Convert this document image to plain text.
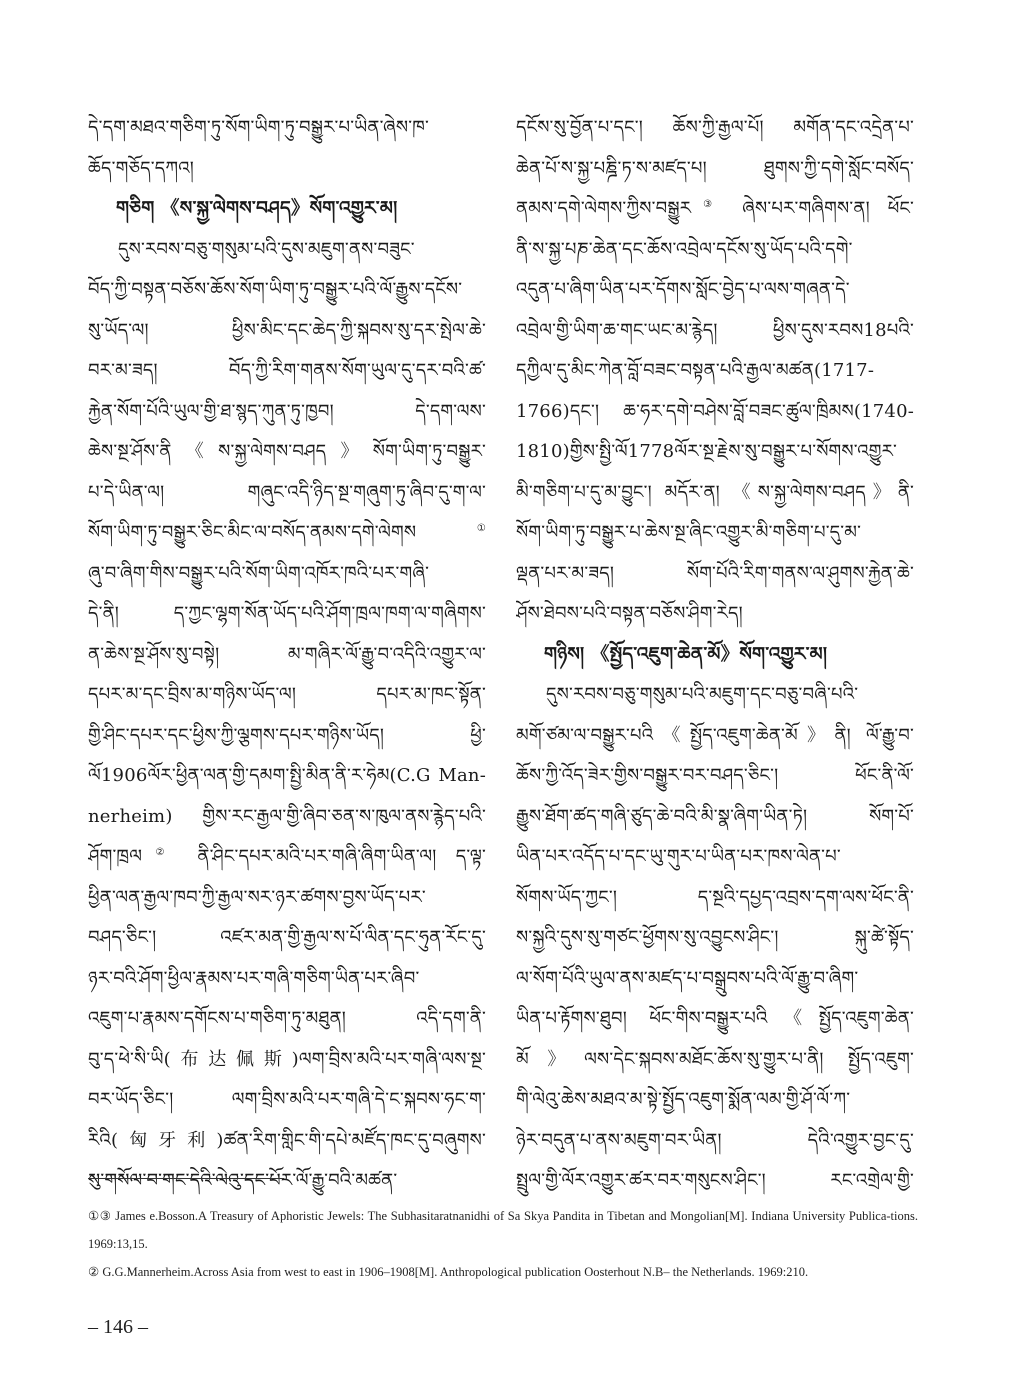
དེ་དག་མཐའ་གཅིག་ཏུ་སོག་ཡིག་ཏུ་བསྒྱུར་པ་ཡིན་ཞེས་ཁ་
ཆོད་གཅོད་དཀའ།
གཅིག 《ས་སྐྱ་ལེགས་བཤད》སོག་འགྱུར་མ།
དུས་རབས་བཅུ་གསུམ་པའི་དུས་མཇུག་ནས་བཟུང་
བོད་ཀྱི་བསྟན་བཅོས་ཆོས་སོག་ཡིག་ཏུ་བསྒྱུར་པའི་ལོ་རྒྱུས་དངོས་
སུ་ཡོད་ལ། ཕྱིས་མིང་དང་ཆེད་ཀྱི་སྐབས་སུ་དར་སྤེལ་ཆེ་
བར་མ་ཟད། བོད་ཀྱི་རིག་གནས་སོག་ཡུལ་དུ་དར་བའི་ཚ་
རྐྱེན་སོག་པོའི་ཡུལ་གྱི་ཐ་སྙད་ཀུན་ཏུ་ཁྱབ། དེ་དག་ལས་
ཆེས་སྔ་ཤོས་ནི《ས་སྐྱ་ལེགས་བཤད》སོག་ཡིག་ཏུ་བསྒྱུར་
པ་དེ་ཡིན་ལ། གཞུང་འདི་ཉིད་སྔ་གཞུག་ཏུ་ཞིབ་དུ་ག་ལ་
སོག་ཡིག་ཏུ་བསྒྱུར་ཅིང་མིང་ལ་བསོད་ནམས་དགེ་ལེགས①
ཞུ་བ་ཞིག་གིས་བསྒྱུར་པའི་སོག་ཡིག་འཁོར་ཁའི་པར་གཞི་
དེ་ནི། ད་ཀྱང་ལྷག་སོན་ཡོད་པའི་ཤོག་ཁྲལ་ཁག་ལ་གཞིགས་
ན་ཆེས་སྔ་ཤོས་སུ་བསྟེ། མ་གཞིར་ལོ་རྒྱུ་བ་འདིའི་འགྱུར་ལ་
དཔར་མ་དང་བྲིས་མ་གཉིས་ཡོད་ལ། དཔར་མ་ཁང་སྟོན་
གྱི་ཤིང་དཔར་དང་ཕྱིས་ཀྱི་ལྕགས་དཔར་གཉིས་ཡོད། ཕྱི་
ལོ1906ལོར་ཕྱིན་ལན་གྱི་དམག་སྤྱི་མིན་ནི་ར་ཧེམ(C.G Man-
nerheim) གྱིས་རང་རྒྱལ་གྱི་ཞིབ་ཅན་ས་ཁུལ་ནས་རྙེད་པའི་
ཤོག་ཁྲལ② ནི་ཤིང་དཔར་མའི་པར་གཞི་ཞིག་ཡིན་ལ། ད་ལྟ་
ཕྱིན་ལན་རྒྱལ་ཁབ་ཀྱི་རྒྱལ་སར་ཉར་ཚགས་བྱས་ཡོད་པར་
བཤད་ཅིང་། འཛར་མན་གྱི་རྒྱལ་ས་པོ་ལིན་དང་ཧུན་རོང་དུ་
ཉར་བའི་ཤོག་ཕྱིལ་རྣམས་པར་གཞི་གཅིག་ཡིན་པར་ཞིབ་
འཇུག་པ་རྣམས་དགོངས་པ་གཅིག་ཏུ་མཐུན། འདི་དག་ནི་
བུ་ད་ཕེ་སི་ཡི(布达佩斯)ལག་བྲིས་མའི་པར་གཞི་ལས་སྔ་
བར་ཡོད་ཅིང་། ལག་བྲིས་མའི་པར་གཞི་དེ་ང་སྐབས་ཧང་ག་
རིའི(匈牙利)ཚན་རིག་གླིང་གི་དཔེ་མཛོད་ཁང་དུ་བཞུགས་
སུ་གསོལ་བ་གང་དེའི་ལེའུ་དང་པོར་ལོ་རྒྱུ་བའི་མཚན་
དངོས་སུ་བྱོན་པ་དང་། ཆོས་ཀྱི་རྒྱལ་པོ། མགོན་དང་འདྲེན་པ་
ཆེན་པོ་ས་སྐྱ་པཎྜི་ཏ་ས་མཛད་པ། ཐུགས་ཀྱི་དགེ་སློང་བསོད་
ནམས་དགེ་ལེགས་ཀྱིས་བསྒྱུར③ ཞེས་པར་གཞིགས་ན། ཕོང་
ནི་ས་སྐྱ་པཎ་ཆེན་དང་ཆོས་འབྲེལ་དངོས་སུ་ཡོད་པའི་དགེ་
འདུན་པ་ཞིག་ཡིན་པར་དོགས་སློང་བྱེད་པ་ལས་གཞན་དེ་
འབྲེལ་གྱི་ཡིག་ཆ་གང་ཡང་མ་རྙེད། ཕྱིས་དུས་རབས18པའི་
དཀྱིལ་དུ་མིང་ཀེན་བློ་བཟང་བསྟན་པའི་རྒྱལ་མཚན(1717-
1766)དང་། ཆ་ཧར་དགེ་བཤེས་བློ་བཟང་ཚུལ་ཁྲིམས(1740-
1810)གྱིས་སྤྱི་ལོ1778ལོར་སྔ་རྗེས་སུ་བསྒྱུར་པ་སོགས་འགྱུར་
མི་གཅིག་པ་དུ་མ་བྱུང་། མདོར་ན། 《ས་སྐྱ་ལེགས་བཤད》ནི་
སོག་ཡིག་ཏུ་བསྒྱུར་པ་ཆེས་སྔ་ཞིང་འགྱུར་མི་གཅིག་པ་དུ་མ་
ལྡན་པར་མ་ཟད། སོག་པོའི་རིག་གནས་ལ་ཤུགས་རྐྱེན་ཆེ་
ཤོས་ཐེབས་པའི་བསྟན་བཅོས་ཤིག་རེད།
གཉིས། 《སྤྱོད་འཇུག་ཆེན་མོ》སོག་འགྱུར་མ།
དུས་རབས་བཅུ་གསུམ་པའི་མཇུག་དང་བཅུ་བཞི་པའི་
མགོ་ཙམ་ལ་བསྒྱུར་པའི《སྤྱོད་འཇུག་ཆེན་མོ》ནི། ལོ་རྒྱུ་བ་
ཆོས་ཀྱི་འོད་ཟེར་གྱིས་བསྒྱུར་བར་བཤད་ཅིང་། ཕོང་ནི་ལོ་
རྒྱུས་ཐོག་ཚད་གཞི་ཙུད་ཆེ་བའི་མི་སྣ་ཞིག་ཡིན་ཏེ། སོག་པོ་
ཡིན་པར་འདོད་པ་དང་ཡུ་གུར་པ་ཡིན་པར་ཁས་ལེན་པ་
སོགས་ཡོད་ཀྱང་། ད་སྔའི་དཔྱད་འབྲས་དག་ལས་ཕོང་ནི་
ས་སྐྱའི་དུས་སུ་གཙང་ཕྱོགས་སུ་འབྱུངས་ཤིང་། སྐུ་ཚེ་སྟོད་
ལ་སོག་པོའི་ཡུལ་ནས་མཛད་པ་བསྒྲུབས་པའི་ལོ་རྒྱུ་བ་ཞིག་
ཡིན་པ་རྟོགས་ཐུབ། ཕོང་གིས་བསྒྱུར་པའི《སྤྱོད་འཇུག་ཆེན་
མོ》ལས་དེང་སྐབས་མཐོང་ཆོས་སུ་གྱུར་པ་ནི། སྤྱོད་འཇུག་
གི་ལེའུ་ཆེས་མཐའ་མ་སྟེ་སྤྱོད་འཇུག་སྨོན་ལམ་གྱི་ཤོ་ལོ་ཀ་
ཉེར་བདུན་པ་ནས་མཇུག་བར་ཡིན། དེའི་འགྱུར་བྱང་དུ་
སྤྲུལ་གྱི་ལོར་འགྱུར་ཚར་བར་གསུངས་ཤིང་། རང་འགྲེལ་གྱི་
①③ James e.Bosson.A Treasury of Aphoristic Jewels: The Subhasitaratnanidhi of Sa Skya Pandita in Tibetan and Mongolian[M]. Indiana University Publica-tions. 1969:13,15.
② G.G.Mannerheim.Across Asia from west to east in 1906–1908[M]. Anthropological publication Oosterhout N.B– the Netherlands. 1969:210.
– 146 –
